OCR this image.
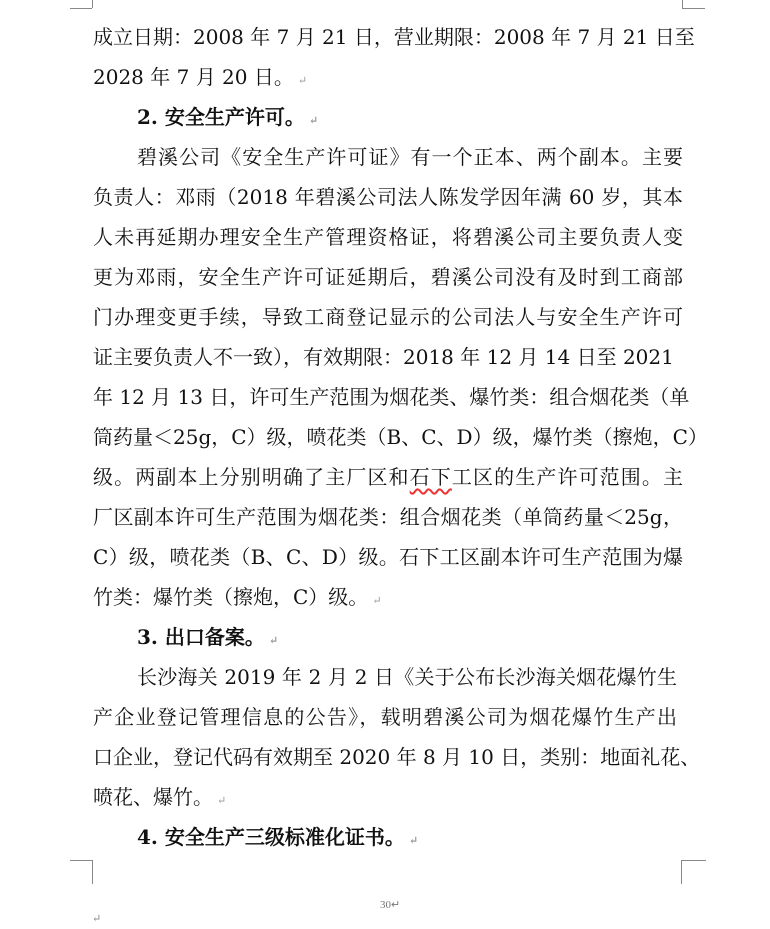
成立日期：2008 年 7 月 21 日，营业期限：2008 年 7 月 21 日至
2028 年 7 月 20 日。 ↵
2. 安全生产许可。 ↵
碧溪公司《安全生产许可证》有一个正本、两个副本。主要
负责人：邓雨（2018 年碧溪公司法人陈发学因年满 60 岁，其本
人未再延期办理安全生产管理资格证，将碧溪公司主要负责人变
更为邓雨，安全生产许可证延期后，碧溪公司没有及时到工商部
门办理变更手续，导致工商登记显示的公司法人与安全生产许可
证主要负责人不一致），有效期限：2018 年 12 月 14 日至 2021
年 12 月 13 日，许可生产范围为烟花类、爆竹类：组合烟花类（单
筒药量＜25g，C）级，喷花类（B、C、D）级，爆竹类（擦炮，C）
级。两副本上分别明确了主厂区和石下工区的生产许可范围。主
厂区副本许可生产范围为烟花类：组合烟花类（单筒药量＜25g，
C）级，喷花类（B、C、D）级。石下工区副本许可生产范围为爆
竹类：爆竹类（擦炮，C）级。 ↵
3. 出口备案。 ↵
长沙海关 2019 年 2 月 2 日《关于公布长沙海关烟花爆竹生
产企业登记管理信息的公告》，载明碧溪公司为烟花爆竹生产出
口企业，登记代码有效期至 2020 年 8 月 10 日，类别：地面礼花、
喷花、爆竹。 ↵
4. 安全生产三级标准化证书。 ↵
30↵
↵
